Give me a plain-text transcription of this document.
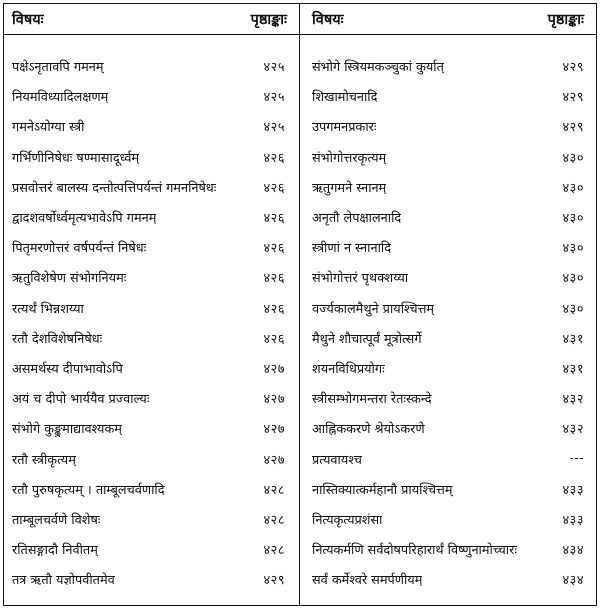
विषयः	पृष्ठाङ्काः
पक्षेऽनृतावपि गमनम्	४२५
नियमविध्यादिलक्षणम्	४२५
गमनेऽयोग्या स्त्री	४२५
गर्भिणीनिषेधः षण्मासादूर्ध्वम्	४२६
प्रसवोत्तरं बालस्य दन्तोत्पत्तिपर्यन्तं गमननिषेधः	४२६
द्वादशवर्षोर्ध्वमृत्यभावेऽपि गमनम्	४२६
पितृमरणोत्तरं वर्षपर्यन्तं निषेधः	४२६
ऋतुविशेषेण संभोगनियमः	४२६
रत्यर्थं भिन्नशय्या	४२६
रतौ देशविशेषनिषेधः	४२६
असमर्थस्य दीपाभावोऽपि	४२७
अयं च दीपो भार्ययैव प्रज्वाल्यः	४२७
संभोगे कुङ्कुमाद्यावश्यकम्	४२७
रतौ स्त्रीकृत्यम्	४२७
रतौ पुरुषकृत्यम् । ताम्बूलचर्वणादि	४२८
ताम्बूलचर्वणे विशेषः	४२८
रतिसङ्गादौ निवीतम्	४२८
तत्र ऋतौ यज्ञोपवीतमेव	४२९
विषयः	पृष्ठाङ्काः
संभोगे स्त्रियमकञ्चुकां कुर्यात्	४२९
शिखामोचनादि	४२९
उपगमनप्रकारः	४२९
संभोगोत्तरकृत्यम्	४३०
ऋतुगमने स्नानम्	४३०
अनृतौ लेपक्षालनादि	४३०
स्त्रीणां न स्नानादि	४३०
संभोगोत्तरं पृथक्शय्या	४३०
वर्ज्यकालमैथुने प्रायश्चित्तम्	४३०
मैथुने शौचात्पूर्वं मूत्रोत्सर्गे	४३१
शयनविधिप्रयोगः	४३१
स्त्रीसम्भोगमन्तरा रेतःस्कन्दे	४३२
आह्निककरणे श्रेयोऽकरणे	४३२
प्रत्यवायश्च	---
नास्तिक्यात्कर्महानौ प्रायश्चित्तम्	४३३
नित्यकृत्यप्रशंसा	४३३
नित्यकर्मणि सर्वदोषपरिहारार्थं विष्णुनामोच्चारः	४३४
सर्वं कर्मेश्वरे समर्पणीयम्	४३४
